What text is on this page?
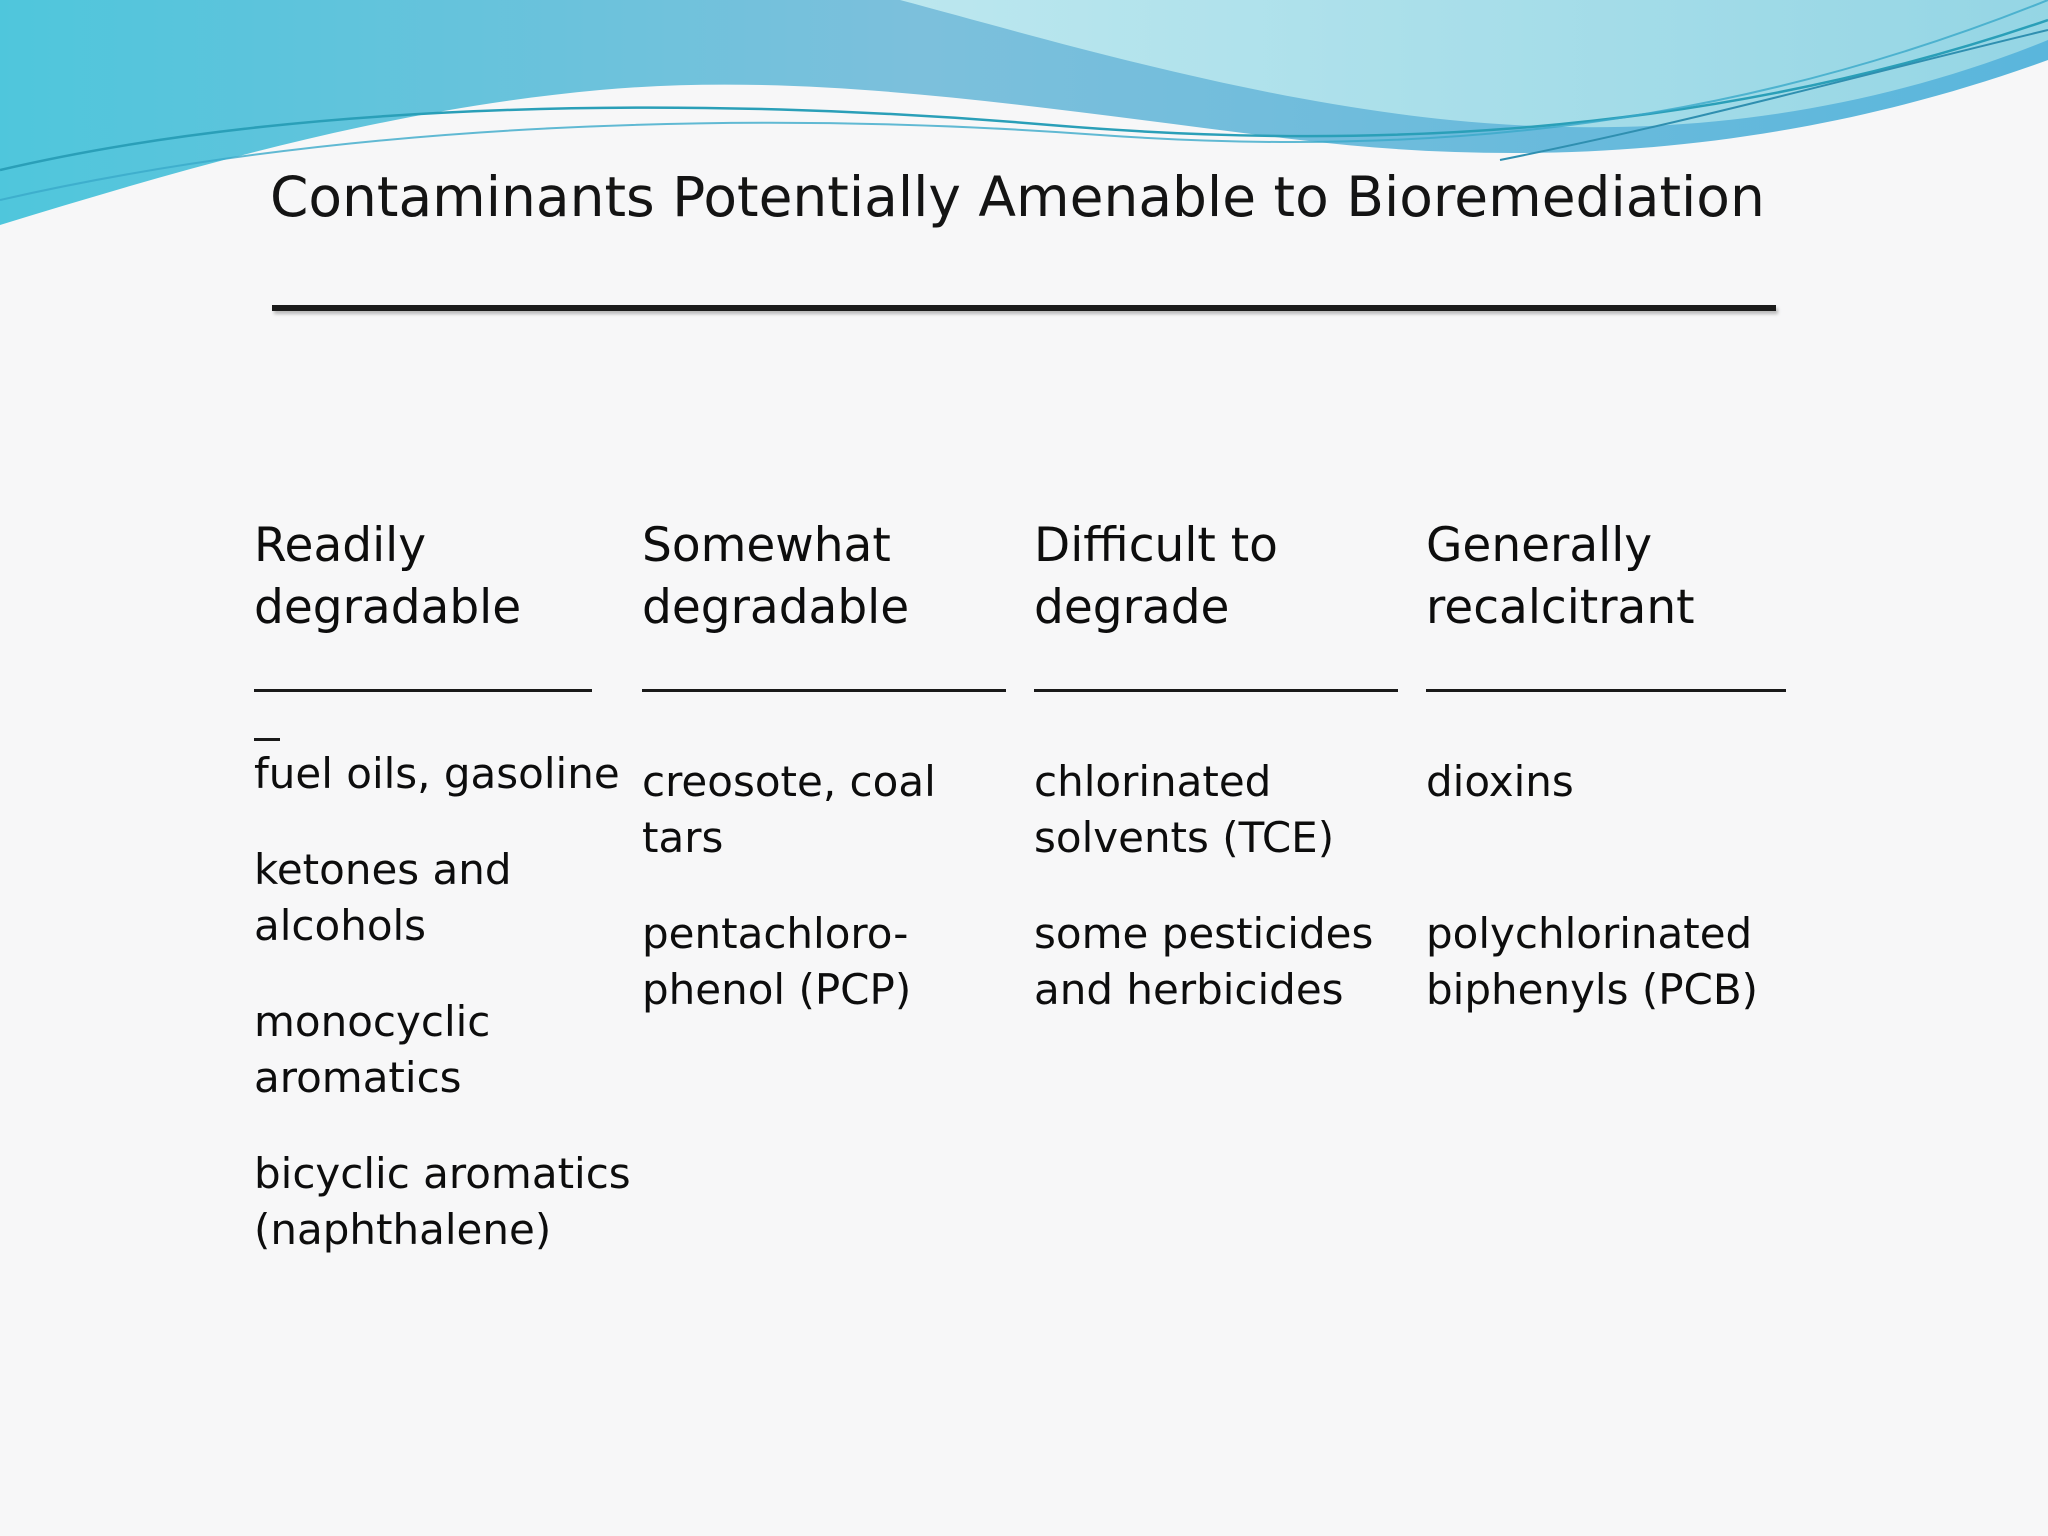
Contaminants Potentially Amenable to Bioremediation

Readily
degradable

fuel oils, gasoline

ketones and
alcohols

monocyclic
aromatics

bicyclic aromatics
(naphthalene)

Somewhat
degradable

creosote, coal
tars

pentachloro-
phenol (PCP)

Difficult to
degrade

chlorinated
solvents (TCE)

some pesticides
and herbicides

Generally
recalcitrant

dioxins

polychlorinated
biphenyls (PCB)
